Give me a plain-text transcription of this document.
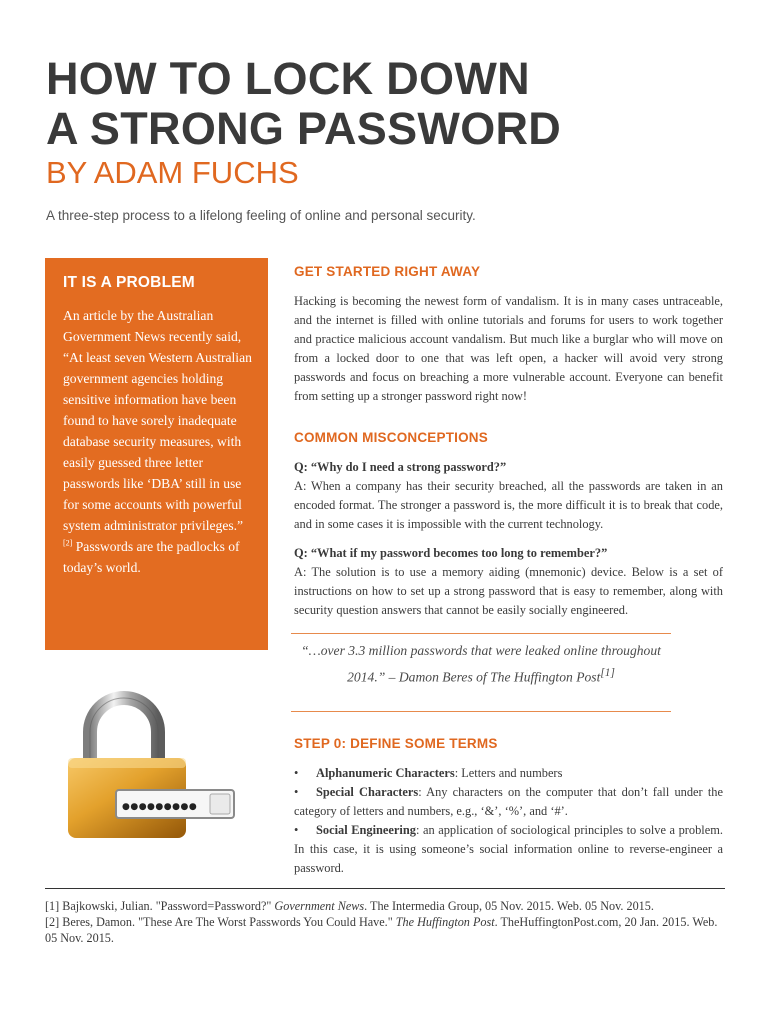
HOW TO LOCK DOWN
A STRONG PASSWORD
BY ADAM FUCHS
A three-step process to a lifelong feeling of online and personal security.
IT IS A PROBLEM
An article by the Australian Government News recently said, “At least seven Western Australian government agencies holding sensitive information have been found to have sorely inadequate database security measures, with easily guessed three letter passwords like ‘DBA’ still in use for some accounts with powerful system administrator privileges.” [2] Passwords are the padlocks of today’s world.
GET STARTED RIGHT AWAY

Hacking is becoming the newest form of vandalism. It is in many cases untraceable, and the internet is filled with online tutorials and forums for users to work together and practice malicious account vandalism. But much like a burglar who will move on from a locked door to one that was left open, a hacker will avoid very strong passwords and focus on breaching a more vulnerable account. Everyone can benefit from setting up a stronger password right now!

COMMON MISCONCEPTIONS
Q: “Why do I need a strong password?”
A: When a company has their security breached, all the passwords are taken in an encoded format. The stronger a password is, the more difficult it is to break that code, and in some cases it is impossible with the current technology.
Q: “What if my password becomes too long to remember?”
A: The solution is to use a memory aiding (mnemonic) device. Below is a set of instructions on how to set up a strong password that is easy to remember, along with security question answers that cannot be easily socially engineered.
STEP 0: DEFINE SOME TERMS
• Alphanumeric Characters: Letters and numbers
• Special Characters: Any characters on the computer that don’t fall under the category of letters and numbers, e.g., ‘&’, ‘%’, and ‘#’.
• Social Engineering: an application of sociological principles to solve a problem. In this case, it is using someone’s social information online to reverse-engineer a password.
“…over 3.3 million passwords that were leaked online throughout 2014.” – Damon Beres of The Huffington Post[1]
●●●●●●●●●
[1] Bajkowski, Julian. "Password=Password?" Government News. The Intermedia Group, 05 Nov. 2015. Web. 05 Nov. 2015.
[2] Beres, Damon. "These Are The Worst Passwords You Could Have." The Huffington Post. TheHuffingtonPost.com, 20 Jan. 2015. Web. 05 Nov. 2015.
